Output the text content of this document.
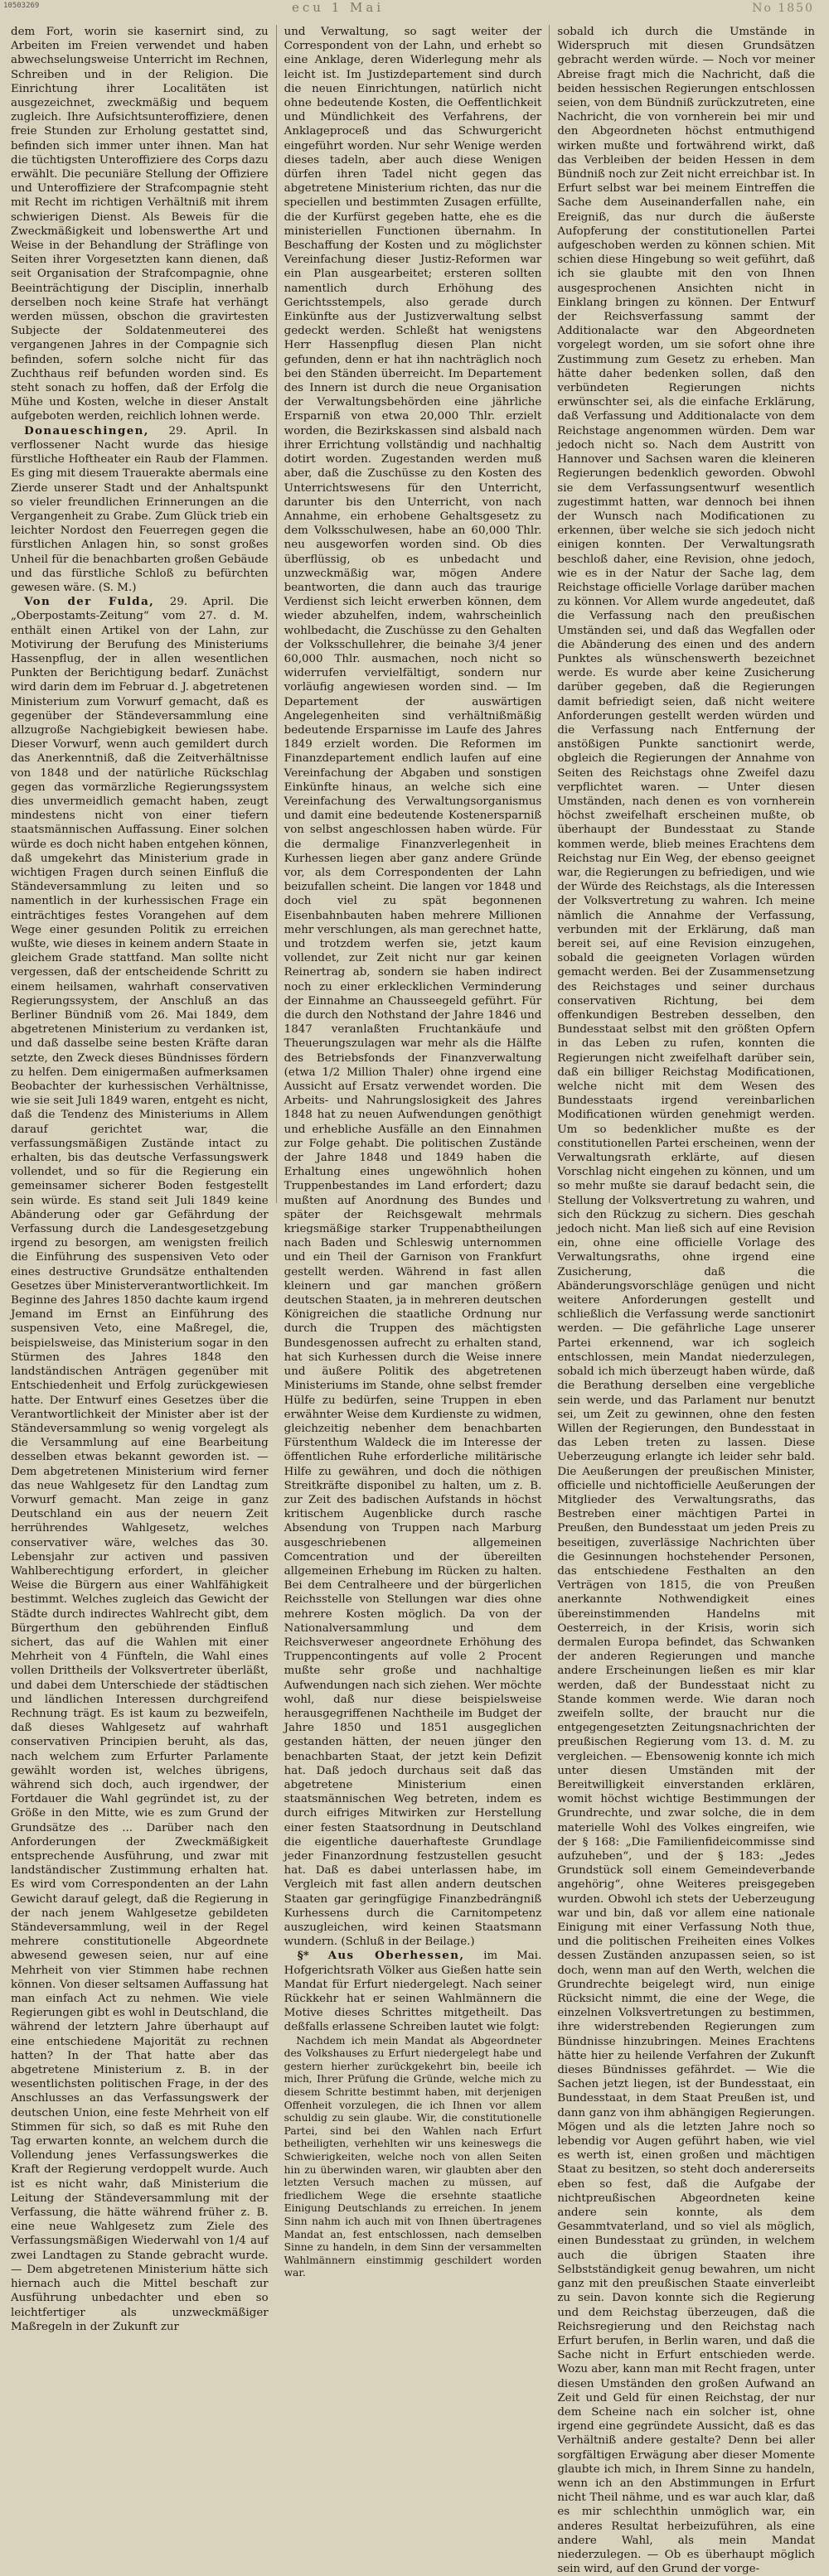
10503269	ecu 1 Mai	No 1850

dem Fort, worin sie kasernirt sind, zu Arbeiten im Freien verwendet und haben abwechselungsweise Unterricht im Rechnen, Schreiben und in der Religion. Die Einrichtung ihrer Localitäten ist ausgezeichnet, zweckmäßig und bequem zugleich. Ihre Aufsichtsunteroffiziere, denen freie Stunden zur Erholung gestattet sind, befinden sich immer unter ihnen. Man hat die tüchtigsten Unteroffiziere des Corps dazu erwählt. Die pecuniäre Stellung der Offiziere und Unteroffiziere der Strafcompagnie steht mit Recht im richtigen Verhältniß mit ihrem schwierigen Dienst. Als Beweis für die Zweckmäßigkeit und lobenswerthe Art und Weise in der Behandlung der Sträflinge von Seiten ihrer Vorgesetzten kann dienen, daß seit Organisation der Strafcompagnie, ohne Beeinträchtigung der Disciplin, innerhalb derselben noch keine Strafe hat verhängt werden müssen, obschon die gravirtesten Subjecte der Soldatenmeuterei des vergangenen Jahres in der Compagnie sich befinden, sofern solche nicht für das Zuchthaus reif befunden worden sind. Es steht sonach zu hoffen, daß der Erfolg die Mühe und Kosten, welche in dieser Anstalt aufgeboten werden, reichlich lohnen werde.

Donaueschingen, 29. April. In verflossener Nacht wurde das hiesige fürstliche Hoftheater ein Raub der Flammen. Es ging mit diesem Trauerakte abermals eine Zierde unserer Stadt und der Anhaltspunkt so vieler freundlichen Erinnerungen an die Vergangenheit zu Grabe. Zum Glück trieb ein leichter Nordost den Feuerregen gegen die fürstlichen Anlagen hin, so sonst großes Unheil für die benachbarten großen Gebäude und das fürstliche Schloß zu befürchten gewesen wäre. (S. M.)

Von der Fulda, 29. April. Die „Oberpostamts-Zeitung“ vom 27. d. M. enthält einen Artikel von der Lahn, zur Motivirung der Berufung des Ministeriums Hassenpflug, der in allen wesentlichen Punkten der Berichtigung bedarf. Zunächst wird darin dem im Februar d. J. abgetretenen Ministerium zum Vorwurf gemacht, daß es gegenüber der Ständeversammlung eine allzugroße Nachgiebigkeit bewiesen habe. Dieser Vorwurf, wenn auch gemildert durch das Anerkenntniß, daß die Zeitverhältnisse von 1848 und der natürliche Rückschlag gegen das vormärzliche Regierungssystem dies unvermeidlich gemacht haben, zeugt mindestens nicht von einer tiefern staatsmännischen Auffassung. Einer solchen würde es doch nicht haben entgehen können, daß umgekehrt das Ministerium grade in wichtigen Fragen durch seinen Einfluß die Ständeversammlung zu leiten und so namentlich in der kurhessischen Frage ein einträchtiges festes Vorangehen auf dem Wege einer gesunden Politik zu erreichen wußte, wie dieses in keinem andern Staate in gleichem Grade stattfand. Man sollte nicht vergessen, daß der entscheidende Schritt zu einem heilsamen, wahrhaft conservativen Regierungssystem, der Anschluß an das Berliner Bündniß vom 26. Mai 1849, dem abgetretenen Ministerium zu verdanken ist, und daß dasselbe seine besten Kräfte daran setzte, den Zweck dieses Bündnisses fördern zu helfen. Dem einigermaßen aufmerksamen Beobachter der kurhessischen Verhältnisse, wie sie seit Juli 1849 waren, entgeht es nicht, daß die Tendenz des Ministeriums in Allem darauf gerichtet war, die verfassungsmäßigen Zustände intact zu erhalten, bis das deutsche Verfassungswerk vollendet, und so für die Regierung ein gemeinsamer sicherer Boden festgestellt sein würde. Es stand seit Juli 1849 keine Abänderung oder gar Gefährdung der Verfassung durch die Landesgesetzgebung irgend zu besorgen, am wenigsten freilich die Einführung des suspensiven Veto oder eines destructive Grundsätze enthaltenden Gesetzes über Ministerverantwortlichkeit. Im Beginne des Jahres 1850 dachte kaum irgend Jemand im Ernst an Einführung des suspensiven Veto, eine Maßregel, die, beispielsweise, das Ministerium sogar in den Stürmen des Jahres 1848 den landständischen Anträgen gegenüber mit Entschiedenheit und Erfolg zurückgewiesen hatte. Der Entwurf eines Gesetzes über die Verantwortlichkeit der Minister aber ist der Ständeversammlung so wenig vorgelegt als die Versammlung auf eine Bearbeitung desselben etwas bekannt geworden ist. — Dem abgetretenen Ministerium wird ferner das neue Wahlgesetz für den Landtag zum Vorwurf gemacht. Man zeige in ganz Deutschland ein aus der neuern Zeit herrührendes Wahlgesetz, welches conservativer wäre, welches das 30. Lebensjahr zur activen und passiven Wahlberechtigung erfordert, in gleicher Weise die Bürgern aus einer Wahlfähigkeit bestimmt. Welches zugleich das Gewicht der Städte durch indirectes Wahlrecht gibt, dem Bürgerthum den gebührenden Einfluß sichert, das auf die Wahlen mit einer Mehrheit von 4 Fünfteln, die Wahl eines vollen Drittheils der Volksvertreter überläßt, und dabei dem Unterschiede der städtischen und ländlichen Interessen durchgreifend Rechnung trägt. Es ist kaum zu bezweifeln, daß dieses Wahlgesetz auf wahrhaft conservativen Principien beruht, als das, nach welchem zum Erfurter Parlamente gewählt worden ist, welches übrigens, während sich doch, auch irgendwer, der Fortdauer die Wahl gegründet ist, zu der Größe in den Mitte, wie es zum Grund der Grundsätze des ... Darüber nach den Anforderungen der Zweckmäßigkeit entsprechende Ausführung, und zwar mit landständischer Zustimmung erhalten hat. Es wird vom Correspondenten an der Lahn Gewicht darauf gelegt, daß die Regierung in der nach jenem Wahlgesetze gebildeten Ständeversammlung, weil in der Regel mehrere constitutionelle Abgeordnete abwesend gewesen seien, nur auf eine Mehrheit von vier Stimmen habe rechnen können. Von dieser seltsamen Auffassung hat man einfach Act zu nehmen. Wie viele Regierungen gibt es wohl in Deutschland, die während der letztern Jahre überhaupt auf eine entschiedene Majorität zu rechnen hatten? In der That hatte aber das abgetretene Ministerium z. B. in der wesentlichsten politischen Frage, in der des Anschlusses an das Verfassungswerk der deutschen Union, eine feste Mehrheit von elf Stimmen für sich, so daß es mit Ruhe den Tag erwarten konnte, an welchem durch die Vollendung jenes Verfassungswerkes die Kraft der Regierung verdoppelt wurde. Auch ist es nicht wahr, daß Ministerium die Leitung der Ständeversammlung mit der Verfassung, die hätte während früher z. B. eine neue Wahlgesetz zum Ziele des Verfassungsmäßigen Wiederwahl von 1/4 auf zwei Landtagen zu Stande gebracht wurde. — Dem abgetretenen Ministerium hätte sich hiernach auch die Mittel beschaft zur Ausführung unbedachter und eben so leichtfertiger als unzweckmäßiger Maßregeln in der Zukunft zur

und Verwaltung, so sagt weiter der Correspondent von der Lahn, und erhebt so eine Anklage, deren Widerlegung mehr als leicht ist. Im Justizdepartement sind durch die neuen Einrichtungen, natürlich nicht ohne bedeutende Kosten, die Oeffentlichkeit und Mündlichkeit des Verfahrens, der Anklageproceß und das Schwurgericht eingeführt worden. Nur sehr Wenige werden dieses tadeln, aber auch diese Wenigen dürfen ihren Tadel nicht gegen das abgetretene Ministerium richten, das nur die speciellen und bestimmten Zusagen erfüllte, die der Kurfürst gegeben hatte, ehe es die ministeriellen Functionen übernahm. In Beschaffung der Kosten und zu möglichster Vereinfachung dieser Justiz-Reformen war ein Plan ausgearbeitet; ersteren sollten namentlich durch Erhöhung des Gerichtsstempels, also gerade durch Einkünfte aus der Justizverwaltung selbst gedeckt werden. Schleßt hat wenigstens Herr Hassenpflug diesen Plan nicht gefunden, denn er hat ihn nachträglich noch bei den Ständen überreicht. Im Departement des Innern ist durch die neue Organisation der Verwaltungsbehörden eine jährliche Ersparniß von etwa 20,000 Thlr. erzielt worden, die Bezirkskassen sind alsbald nach ihrer Errichtung vollständig und nachhaltig dotirt worden. Zugestanden werden muß aber, daß die Zuschüsse zu den Kosten des Unterrichtswesens für den Unterricht, darunter bis den Unterricht, von nach Annahme, ein erhobene Gehaltsgesetz zu dem Volksschulwesen, habe an 60,000 Thlr. neu ausgeworfen worden sind. Ob dies überflüssig, ob es unbedacht und unzweckmäßig war, mögen Andere beantworten, die dann auch das traurige Verdienst sich leicht erwerben können, dem wieder abzuhelfen, indem, wahrscheinlich wohlbedacht, die Zuschüsse zu den Gehalten der Volksschullehrer, die beinahe 3/4 jener 60,000 Thlr. ausmachen, noch nicht so widerrufen vervielfältigt, sondern nur vorläufig angewiesen worden sind. — Im Departement der auswärtigen Angelegenheiten sind verhältnißmäßig bedeutende Ersparnisse im Laufe des Jahres 1849 erzielt worden. Die Reformen im Finanzdepartement endlich laufen auf eine Vereinfachung der Abgaben und sonstigen Einkünfte hinaus, an welche sich eine Vereinfachung des Verwaltungsorganismus und damit eine bedeutende Kostenersparniß von selbst angeschlossen haben würde. Für die dermalige Finanzverlegenheit in Kurhessen liegen aber ganz andere Gründe vor, als dem Correspondenten der Lahn beizufallen scheint. Die langen vor 1848 und doch viel zu spät begonnenen Eisenbahnbauten haben mehrere Millionen mehr verschlungen, als man gerechnet hatte, und trotzdem werfen sie, jetzt kaum vollendet, zur Zeit nicht nur gar keinen Reinertrag ab, sondern sie haben indirect noch zu einer erklecklichen Verminderung der Einnahme an Chausseegeld geführt. Für die durch den Nothstand der Jahre 1846 und 1847 veranlaßten Fruchtankäufe und Theuerungszulagen war mehr als die Hälfte des Betriebsfonds der Finanzverwaltung (etwa 1/2 Million Thaler) ohne irgend eine Aussicht auf Ersatz verwendet worden. Die Arbeits- und Nahrungslosigkeit des Jahres 1848 hat zu neuen Aufwendungen genöthigt und erhebliche Ausfälle an den Einnahmen zur Folge gehabt. Die politischen Zustände der Jahre 1848 und 1849 haben die Erhaltung eines ungewöhnlich hohen Truppenbestandes im Land erfordert; dazu mußten auf Anordnung des Bundes und später der Reichsgewalt mehrmals kriegsmäßige starker Truppenabtheilungen nach Baden und Schleswig unternommen und ein Theil der Garnison von Frankfurt gestellt werden. Während in fast allen kleinern und gar manchen größern deutschen Staaten, ja in mehreren deutschen Königreichen die staatliche Ordnung nur durch die Truppen des mächtigsten Bundesgenossen aufrecht zu erhalten stand, hat sich Kurhessen durch die Weise innere und äußere Politik des abgetretenen Ministeriums im Stande, ohne selbst fremder Hülfe zu bedürfen, seine Truppen in eben erwähnter Weise dem Kurdienste zu widmen, gleichzeitig nebenher dem benachbarten Fürstenthum Waldeck die im Interesse der öffentlichen Ruhe erforderliche militärische Hilfe zu gewähren, und doch die nöthigen Streitkräfte disponibel zu halten, um z. B. zur Zeit des badischen Aufstands in höchst kritischem Augenblicke durch rasche Absendung von Truppen nach Marburg ausgeschriebenen allgemeinen Comcentration und der übereilten allgemeinen Erhebung im Rücken zu halten. Bei dem Centralheere und der bürgerlichen Reichsstelle von Stellungen war dies ohne mehrere Kosten möglich. Da von der Nationalversammlung und dem Reichsverweser angeordnete Erhöhung des Truppencontingents auf volle 2 Procent mußte sehr große und nachhaltige Aufwendungen nach sich ziehen. Wer möchte wohl, daß nur diese beispielsweise herausgegriffenen Nachtheile im Budget der Jahre 1850 und 1851 ausgeglichen gestanden hätten, der neuen jünger den benachbarten Staat, der jetzt kein Defizit hat. Daß jedoch durchaus seit daß das abgetretene Ministerium einen staatsmännischen Weg betreten, indem es durch eifriges Mitwirken zur Herstellung einer festen Staatsordnung in Deutschland die eigentliche dauerhafteste Grundlage jeder Finanzordnung festzustellen gesucht hat. Daß es dabei unterlassen habe, im Vergleich mit fast allen andern deutschen Staaten gar geringfügige Finanzbedrängniß Kurhessens durch die Carnitompetenz auszugleichen, wird keinen Staatsmann wundern. (Schluß in der Beilage.)

§* Aus Oberhessen, im Mai. Hofgerichtsrath Völker aus Gießen hatte sein Mandat für Erfurt niedergelegt. Nach seiner Rückkehr hat er seinen Wahlmännern die Motive dieses Schrittes mitgetheilt. Das deßfalls erlassene Schreiben lautet wie folgt:

Nachdem ich mein Mandat als Abgeordneter des Volkshauses zu Erfurt niedergelegt habe und gestern hierher zurückgekehrt bin, beeile ich mich, Ihrer Prüfung die Gründe, welche mich zu diesem Schritte bestimmt haben, mit derjenigen Offenheit vorzulegen, die ich Ihnen vor allem schuldig zu sein glaube. Wir, die constitutionelle Partei, sind bei den Wahlen nach Erfurt betheiligten, verhehlten wir uns keineswegs die Schwierigkeiten, welche noch von allen Seiten hin zu überwinden waren, wir glaubten aber den letzten Versuch machen zu müssen, auf friedlichem Wege die ersehnte staatliche Einigung Deutschlands zu erreichen. In jenem Sinn nahm ich auch mit von Ihnen übertragenes Mandat an, fest entschlossen, nach demselben Sinne zu handeln, in dem Sinn der versammelten Wahlmännern einstimmig geschildert worden war.

sobald ich durch die Umstände in Widerspruch mit diesen Grundsätzen gebracht werden würde. — Noch vor meiner Abreise fragt mich die Nachricht, daß die beiden hessischen Regierungen entschlossen seien, von dem Bündniß zurückzutreten, eine Nachricht, die von vornherein bei mir und den Abgeordneten höchst entmuthigend wirken mußte und fortwährend wirkt, daß das Verbleiben der beiden Hessen in dem Bündniß noch zur Zeit nicht erreichbar ist. In Erfurt selbst war bei meinem Eintreffen die Sache dem Auseinanderfallen nahe, ein Ereigniß, das nur durch die äußerste Aufopferung der constitutionellen Partei aufgeschoben werden zu können schien. Mit schien diese Hingebung so weit geführt, daß ich sie glaubte mit den von Ihnen ausgesprochenen Ansichten nicht in Einklang bringen zu können. Der Entwurf der Reichsverfassung sammt der Additionalacte war den Abgeordneten vorgelegt worden, um sie sofort ohne ihre Zustimmung zum Gesetz zu erheben. Man hätte daher bedenken sollen, daß den verbündeten Regierungen nichts erwünschter sei, als die einfache Erklärung, daß Verfassung und Additionalacte von dem Reichstage angenommen würden. Dem war jedoch nicht so. Nach dem Austritt von Hannover und Sachsen waren die kleineren Regierungen bedenklich geworden. Obwohl sie dem Verfassungsentwurf wesentlich zugestimmt hatten, war dennoch bei ihnen der Wunsch nach Modificationen zu erkennen, über welche sie sich jedoch nicht einigen konnten. Der Verwaltungsrath beschloß daher, eine Revision, ohne jedoch, wie es in der Natur der Sache lag, dem Reichstage officielle Vorlage darüber machen zu können. Vor Allem wurde angedeutet, daß die Verfassung nach den preußischen Umständen sei, und daß das Wegfallen oder die Abänderung des einen und des andern Punktes als wünschenswerth bezeichnet werde. Es wurde aber keine Zusicherung darüber gegeben, daß die Regierungen damit befriedigt seien, daß nicht weitere Anforderungen gestellt werden würden und die Verfassung nach Entfernung der anstößigen Punkte sanctionirt werde, obgleich die Regierungen der Annahme von Seiten des Reichstags ohne Zweifel dazu verpflichtet waren. — Unter diesen Umständen, nach denen es von vornherein höchst zweifelhaft erscheinen mußte, ob überhaupt der Bundesstaat zu Stande kommen werde, blieb meines Erachtens dem Reichstag nur Ein Weg, der ebenso geeignet war, die Regierungen zu befriedigen, und wie der Würde des Reichstags, als die Interessen der Volksvertretung zu wahren. Ich meine nämlich die Annahme der Verfassung, verbunden mit der Erklärung, daß man bereit sei, auf eine Revision einzugehen, sobald die geeigneten Vorlagen würden gemacht werden. Bei der Zusammensetzung des Reichstages und seiner durchaus conservativen Richtung, bei dem offenkundigen Bestreben desselben, den Bundesstaat selbst mit den größten Opfern in das Leben zu rufen, konnten die Regierungen nicht zweifelhaft darüber sein, daß ein billiger Reichstag Modificationen, welche nicht mit dem Wesen des Bundesstaats irgend vereinbarlichen Modificationen würden genehmigt werden. Um so bedenklicher mußte es der constitutionellen Partei erscheinen, wenn der Verwaltungsrath erklärte, auf diesen Vorschlag nicht eingehen zu können, und um so mehr mußte sie darauf bedacht sein, die Stellung der Volksvertretung zu wahren, und sich den Rückzug zu sichern. Dies geschah jedoch nicht. Man ließ sich auf eine Revision ein, ohne eine officielle Vorlage des Verwaltungsraths, ohne irgend eine Zusicherung, daß die Abänderungsvorschläge genügen und nicht weitere Anforderungen gestellt und schließlich die Verfassung werde sanctionirt werden. — Die gefährliche Lage unserer Partei erkennend, war ich sogleich entschlossen, mein Mandat niederzulegen, sobald ich mich überzeugt haben würde, daß die Berathung derselben eine vergebliche sein werde, und das Parlament nur benutzt sei, um Zeit zu gewinnen, ohne den festen Willen der Regierungen, den Bundesstaat in das Leben treten zu lassen. Diese Ueberzeugung erlangte ich leider sehr bald. Die Aeußerungen der preußischen Minister, officielle und nichtofficielle Aeußerungen der Mitglieder des Verwaltungsraths, das Bestreben einer mächtigen Partei in Preußen, den Bundesstaat um jeden Preis zu beseitigen, zuverlässige Nachrichten über die Gesinnungen hochstehender Personen, das entschiedene Festhalten an den Verträgen von 1815, die von Preußen anerkannte Nothwendigkeit eines übereinstimmenden Handelns mit Oesterreich, in der Krisis, worin sich dermalen Europa befindet, das Schwanken der anderen Regierungen und manche andere Erscheinungen ließen es mir klar werden, daß der Bundesstaat nicht zu Stande kommen werde. Wie daran noch zweifeln sollte, der braucht nur die entgegengesetzten Zeitungsnachrichten der preußischen Regierung vom 13. d. M. zu vergleichen. — Ebensowenig konnte ich mich unter diesen Umständen mit der Bereitwilligkeit einverstanden erklären, womit höchst wichtige Bestimmungen der Grundrechte, und zwar solche, die in dem materielle Wohl des Volkes eingreifen, wie der § 168: „Die Familienfideicommisse sind aufzuheben“, und der § 183: „Jedes Grundstück soll einem Gemeindeverbande angehörig“, ohne Weiteres preisgegeben wurden. Obwohl ich stets der Ueberzeugung war und bin, daß vor allem eine nationale Einigung mit einer Verfassung Noth thue, und die politischen Freiheiten eines Volkes dessen Zuständen anzupassen seien, so ist doch, wenn man auf den Werth, welchen die Grundrechte beigelegt wird, nun einige Rücksicht nimmt, die eine der Wege, die einzelnen Volksvertretungen zu bestimmen, ihre widerstrebenden Regierungen zum Bündnisse hinzubringen. Meines Erachtens hätte hier zu heilende Verfahren der Zukunft dieses Bündnisses gefährdet. — Wie die Sachen jetzt liegen, ist der Bundesstaat, ein Bundesstaat, in dem Staat Preußen ist, und dann ganz von ihm abhängigen Regierungen. Mögen und als die letzten Jahre noch so lebendig vor Augen geführt haben, wie viel es werth ist, einen großen und mächtigen Staat zu besitzen, so steht doch andererseits eben so fest, daß die Aufgabe der nichtpreußischen Abgeordneten keine andere sein konnte, als dem Gesammtvaterland, und so viel als möglich, einen Bundesstaat zu gründen, in welchem auch die übrigen Staaten ihre Selbstständigkeit genug bewahren, um nicht ganz mit den preußischen Staate einverleibt zu sein. Davon konnte sich die Regierung und dem Reichstag überzeugen, daß die Reichsregierung und den Reichstag nach Erfurt berufen, in Berlin waren, und daß die Sache nicht in Erfurt entschieden werde. Wozu aber, kann man mit Recht fragen, unter diesen Umständen den großen Aufwand an Zeit und Geld für einen Reichstag, der nur dem Scheine nach ein solcher ist, ohne irgend eine gegründete Aussicht, daß es das Verhältniß andere gestalte? Denn bei aller sorgfältigen Erwägung aber dieser Momente glaubte ich mich, in Ihrem Sinne zu handeln, wenn ich an den Abstimmungen in Erfurt nicht Theil nähme, und es war auch klar, daß es mir schlechthin unmöglich war, ein anderes Resultat herbeizuführen, als eine andere Wahl, als mein Mandat niederzulegen. — Ob es überhaupt möglich sein wird, auf den Grund der vorge-
